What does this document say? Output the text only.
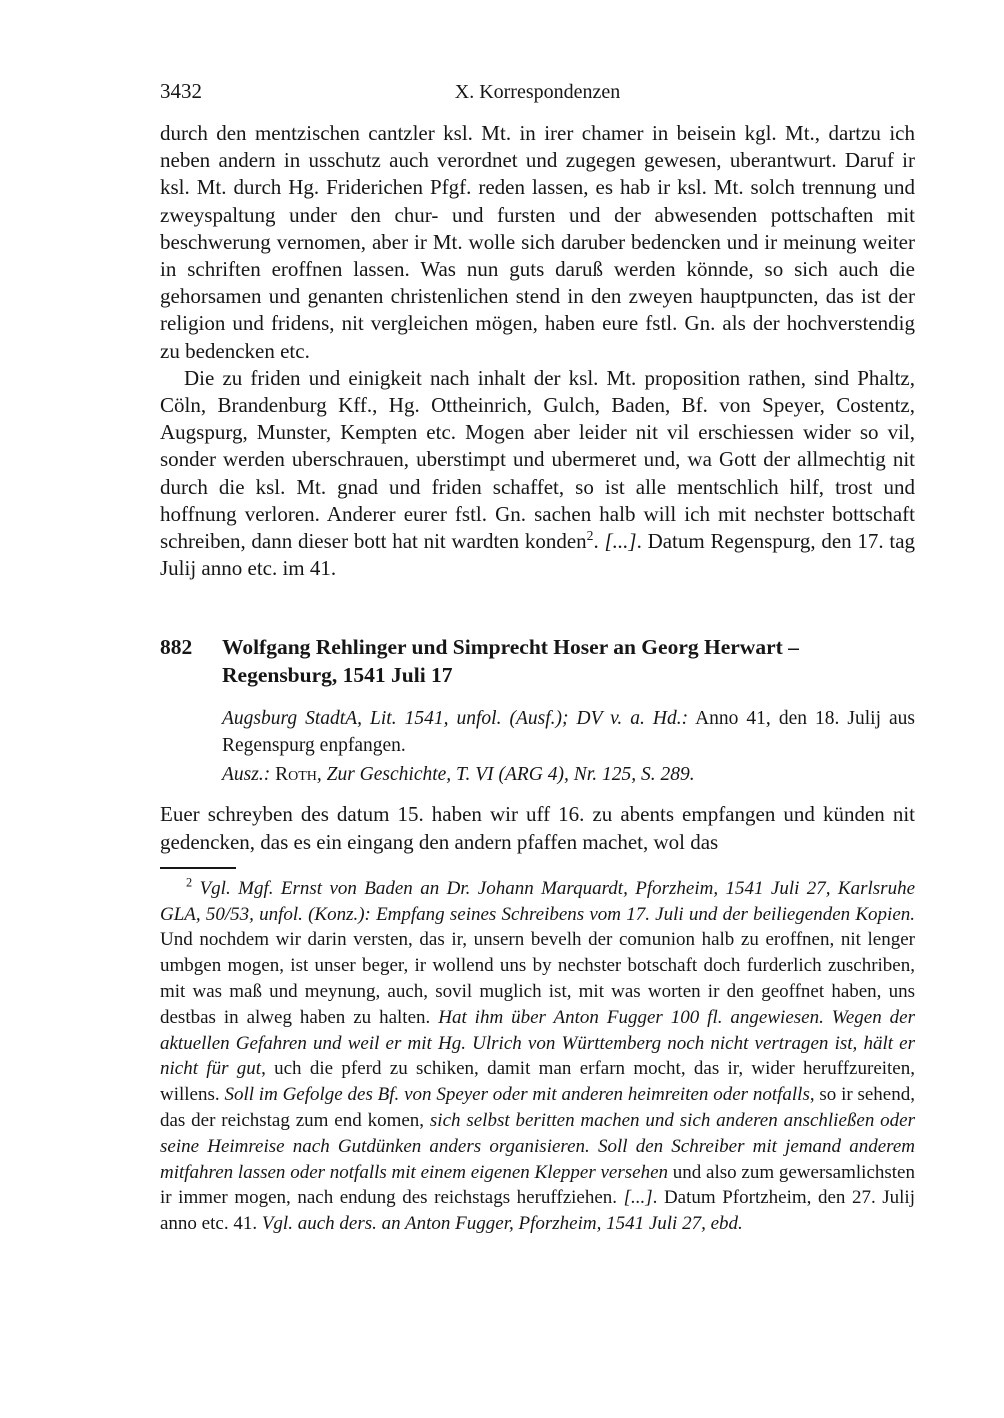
3432	X. Korrespondenzen

durch den mentzischen cantzler ksl. Mt. in irer chamer in beisein kgl. Mt., dartzu ich neben andern in usschutz auch verordnet und zugegen gewesen, uberantwurt. Daruf ir ksl. Mt. durch Hg. Friderichen Pfgf. reden lassen, es hab ir ksl. Mt. solch trennung und zweyspaltung under den chur- und fursten und der abwesenden pottschaften mit beschwerung vernomen, aber ir Mt. wolle sich daruber bedencken und ir meinung weiter in schriften eroffnen lassen. Was nun guts daruß werden könnde, so sich auch die gehorsamen und genanten christenlichen stend in den zweyen hauptpuncten, das ist der religion und fridens, nit vergleichen mögen, haben eure fstl. Gn. als der hochverstendig zu bedencken etc.

Die zu friden und einigkeit nach inhalt der ksl. Mt. proposition rathen, sind Phaltz, Cöln, Brandenburg Kff., Hg. Ottheinrich, Gulch, Baden, Bf. von Speyer, Costentz, Augspurg, Munster, Kempten etc. Mogen aber leider nit vil erschiessen wider so vil, sonder werden uberschrauen, uberstimpt und ubermeret und, wa Gott der allmechtig nit durch die ksl. Mt. gnad und friden schaffet, so ist alle mentschlich hilf, trost und hoffnung verloren. Anderer eurer fstl. Gn. sachen halb will ich mit nechster bottschaft schreiben, dann dieser bott hat nit wardten konden$^2$. [...]. Datum Regenspurg, den 17. tag Julij anno etc. im 41.

882 Wolfgang Rehlinger und Simprecht Hoser an Georg Herwart – Regensburg, 1541 Juli 17

Augsburg StadtA, Lit. 1541, unfol. (Ausf.); DV v. a. Hd.: Anno 41, den 18. Julij aus Regenspurg enpfangen.

Ausz.: Roth, Zur Geschichte, T. VI (ARG 4), Nr. 125, S. 289.

Euer schreyben des datum 15. haben wir uff 16. zu abents empfangen und künden nit gedencken, das es ein eingang den andern pfaffen machet, wol das

$^2$ Vgl. Mgf. Ernst von Baden an Dr. Johann Marquardt, Pforzheim, 1541 Juli 27, Karlsruhe GLA, 50/53, unfol. (Konz.): Empfang seines Schreibens vom 17. Juli und der beiliegenden Kopien. Und nochdem wir darin versten, das ir, unsern bevelh der comunion halb zu eroffnen, nit lenger umbgen mogen, ist unser beger, ir wollend uns by nechster botschaft doch furderlich zuschriben, mit was maß und meynung, auch, sovil muglich ist, mit was worten ir den geoffnet haben, uns destbas in alweg haben zu halten. Hat ihm über Anton Fugger 100 fl. angewiesen. Wegen der aktuellen Gefahren und weil er mit Hg. Ulrich von Württemberg noch nicht vertragen ist, hält er nicht für gut, uch die pferd zu schiken, damit man erfarn mocht, das ir, wider heruffzureiten, willens. Soll im Gefolge des Bf. von Speyer oder mit anderen heimreiten oder notfalls, so ir sehend, das der reichstag zum end komen, sich selbst beritten machen und sich anderen anschließen oder seine Heimreise nach Gutdünken anders organisieren. Soll den Schreiber mit jemand anderem mitfahren lassen oder notfalls mit einem eigenen Klepper versehen und also zum gewersamlichsten ir immer mogen, nach endung des reichstags heruffziehen. [...]. Datum Pfortzheim, den 27. Julij anno etc. 41. Vgl. auch ders. an Anton Fugger, Pforzheim, 1541 Juli 27, ebd.
